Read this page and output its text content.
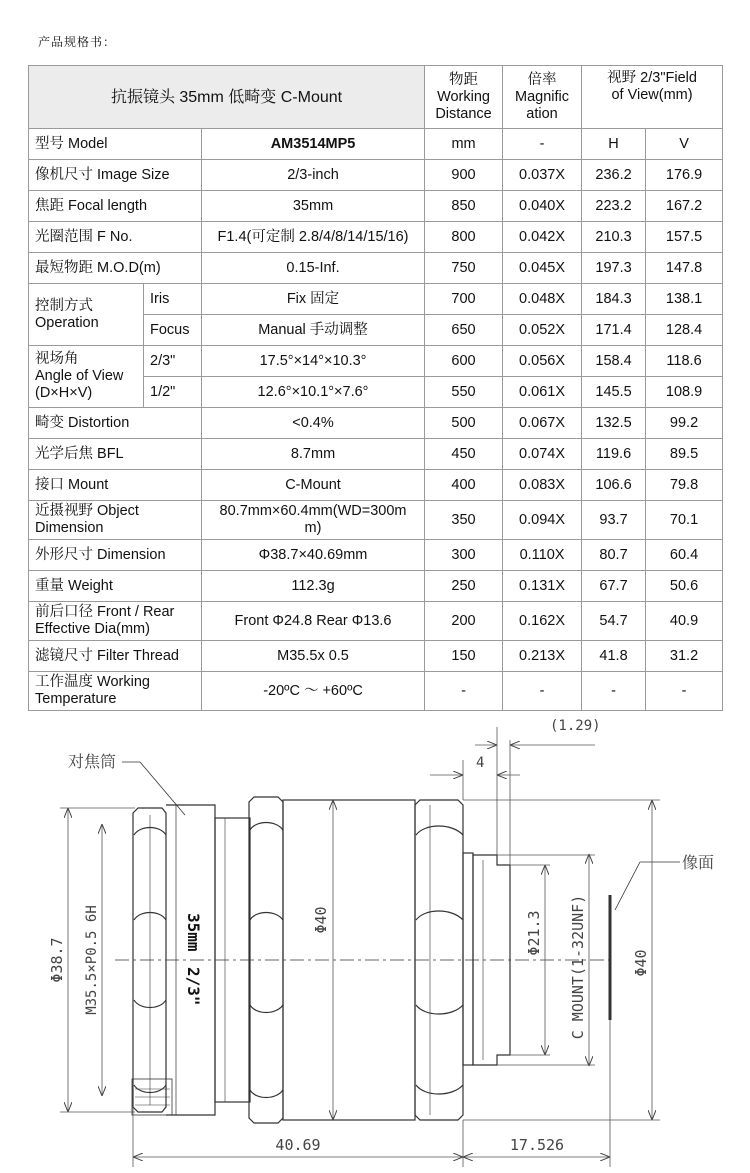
产品规格书：
抗振镜头 35mm 低畸变 C-Mount			物距
Working
Distance	倍率
Magnific
ation	视野 2/3"Field
of View(mm)	
型号 Model		AM3514MP5	mm	-	H	V
像机尺寸 Image Size		2/3-inch	900	0.037X	236.2	176.9
焦距 Focal length		35mm	850	0.040X	223.2	167.2
光圈范围 F No.		F1.4(可定制 2.8/4/8/14/15/16)	800	0.042X	210.3	157.5
最短物距 M.O.D(m)		0.15-Inf.	750	0.045X	197.3	147.8
控制方式
Operation	Iris	Fix 固定	700	0.048X	184.3	138.1
	Focus	Manual 手动调整	650	0.052X	171.4	128.4
视场角
Angle of View
(D×H×V)	2/3"	17.5°×14°×10.3°	600	0.056X	158.4	118.6
	1/2"	12.6°×10.1°×7.6°	550	0.061X	145.5	108.9
畸变 Distortion		<0.4%	500	0.067X	132.5	99.2
光学后焦 BFL		8.7mm	450	0.074X	119.6	89.5
接口 Mount		C-Mount	400	0.083X	106.6	79.8
近摄视野 Object
Dimension		80.7mm×60.4mm(WD=300m
m)	350	0.094X	93.7	70.1
外形尺寸 Dimension		Φ38.7×40.69mm	300	0.110X	80.7	60.4
重量 Weight		112.3g	250	0.131X	67.7	50.6
前后口径 Front / Rear
Effective Dia(mm)		Front Φ24.8 Rear Φ13.6	200	0.162X	54.7	40.9
滤镜尺寸 Filter Thread		M35.5x 0.5	150	0.213X	41.8	31.2
工作温度 Working
Temperature		-20ºC ～ +60ºC	-	-	-	-
对焦筒
像面
(1.29)
4
Φ38.7 M35.5×P0.5 6H	35mm
2/3"
Φ40	Φ21.3 C MOUNT(1-32UNF)	Φ40
40.69	17.526
